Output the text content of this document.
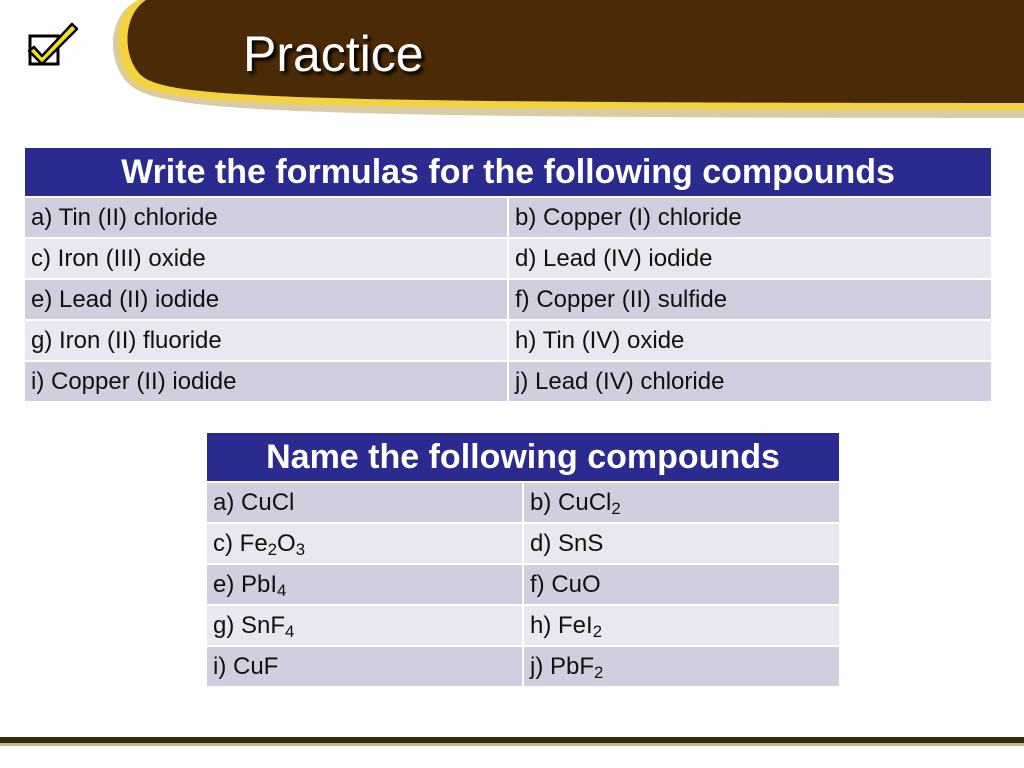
Practice
Write the formulas for the following compounds	
a) Tin (II) chloride	b) Copper (I) chloride
c) Iron (III) oxide	d) Lead (IV) iodide
e) Lead (II) iodide	f) Copper (II) sulfide
g) Iron (II) fluoride	h) Tin (IV) oxide
i) Copper (II) iodide	j) Lead (IV) chloride
Name the following compounds	
a) CuCl	b) CuCl$_2$
c) $Fe_2O_3$	d) SnS
e) PbI$_4$	f) CuO
g) SnF$_4$	h) FeI$_2$
i) CuF	j) PbF$_2$
